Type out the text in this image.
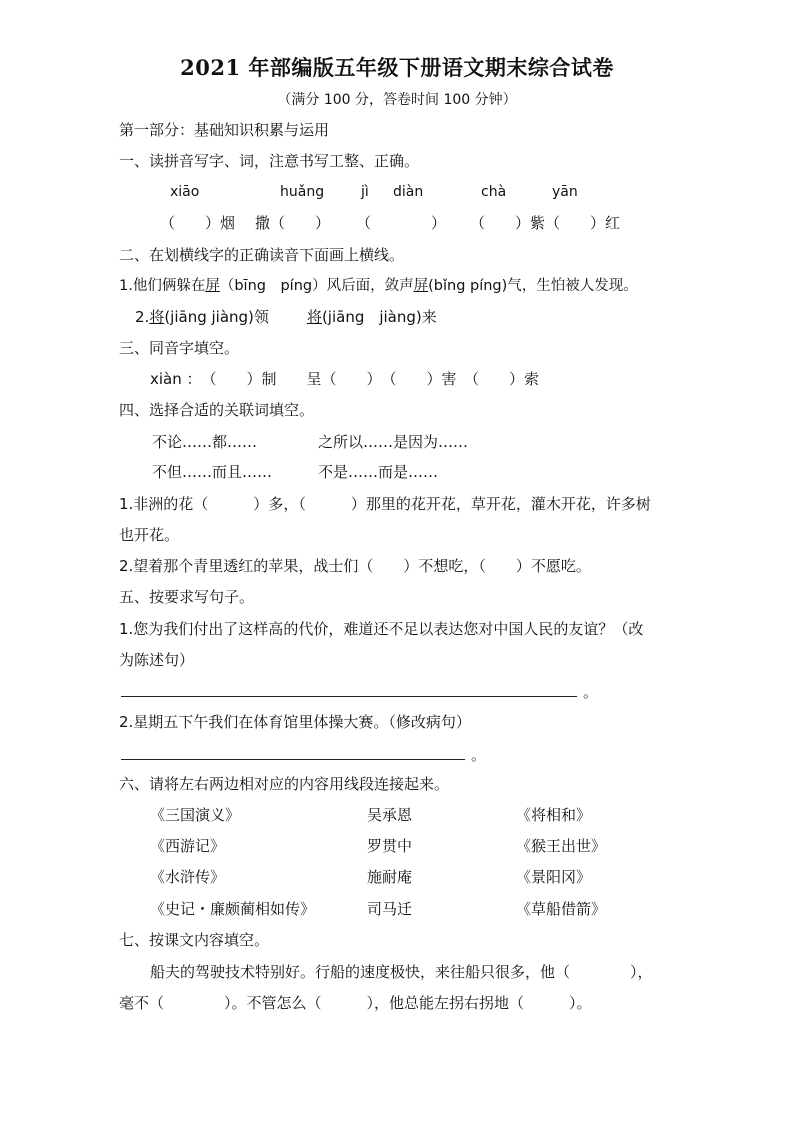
2021 年部编版五年级下册语文期末综合试卷
（满分 100 分，答卷时间 100 分钟）
第一部分：基础知识积累与运用
一、读拼音写字、词，注意书写工整、正确。
xiāo	huǎng	jì diàn	chà	yān
（　　）烟 撒（　　） （　　　　） （　　）紫（　　）红
二、在划横线字的正确读音下面画上横线。
1.他们俩躲在屏（bīng　píng）风后面，敛声屏(bǐng píng)气，生怕被人发现。
2.将(jiāng jiàng)领	将(jiāng　jiàng)来
三、同音字填空。
xiàn ：　（　　）制　　呈（　　）　（　　）害　（　　）索
四、选择合适的关联词填空。
不论……都……	之所以……是因为……
不但……而且……	不是……而是……
1.非洲的花（　　　）多，（　　　）那里的花开花，草开花，灌木开花，许多树
也开花。
2.望着那个青里透红的苹果，战士们（　　）不想吃，（　　）不愿吃。
五、按要求写句子。
1.您为我们付出了这样高的代价，难道还不足以表达您对中国人民的友谊？（改
为陈述句）
。
2.星期五下午我们在体育馆里体操大赛。（修改病句）
。
六、请将左右两边相对应的内容用线段连接起来。
《三国演义》	吴承恩	《将相和》
《西游记》	罗贯中	《猴王出世》
《水浒传》	施耐庵	《景阳冈》
《史记・廉颇蔺相如传》	司马迁	《草船借箭》
七、按课文内容填空。
船夫的驾驶技术特别好。行船的速度极快，来往船只很多，他（　　　　），
毫不（　　　　）。不管怎么（　　　），他总能左拐右拐地（　　　）。
